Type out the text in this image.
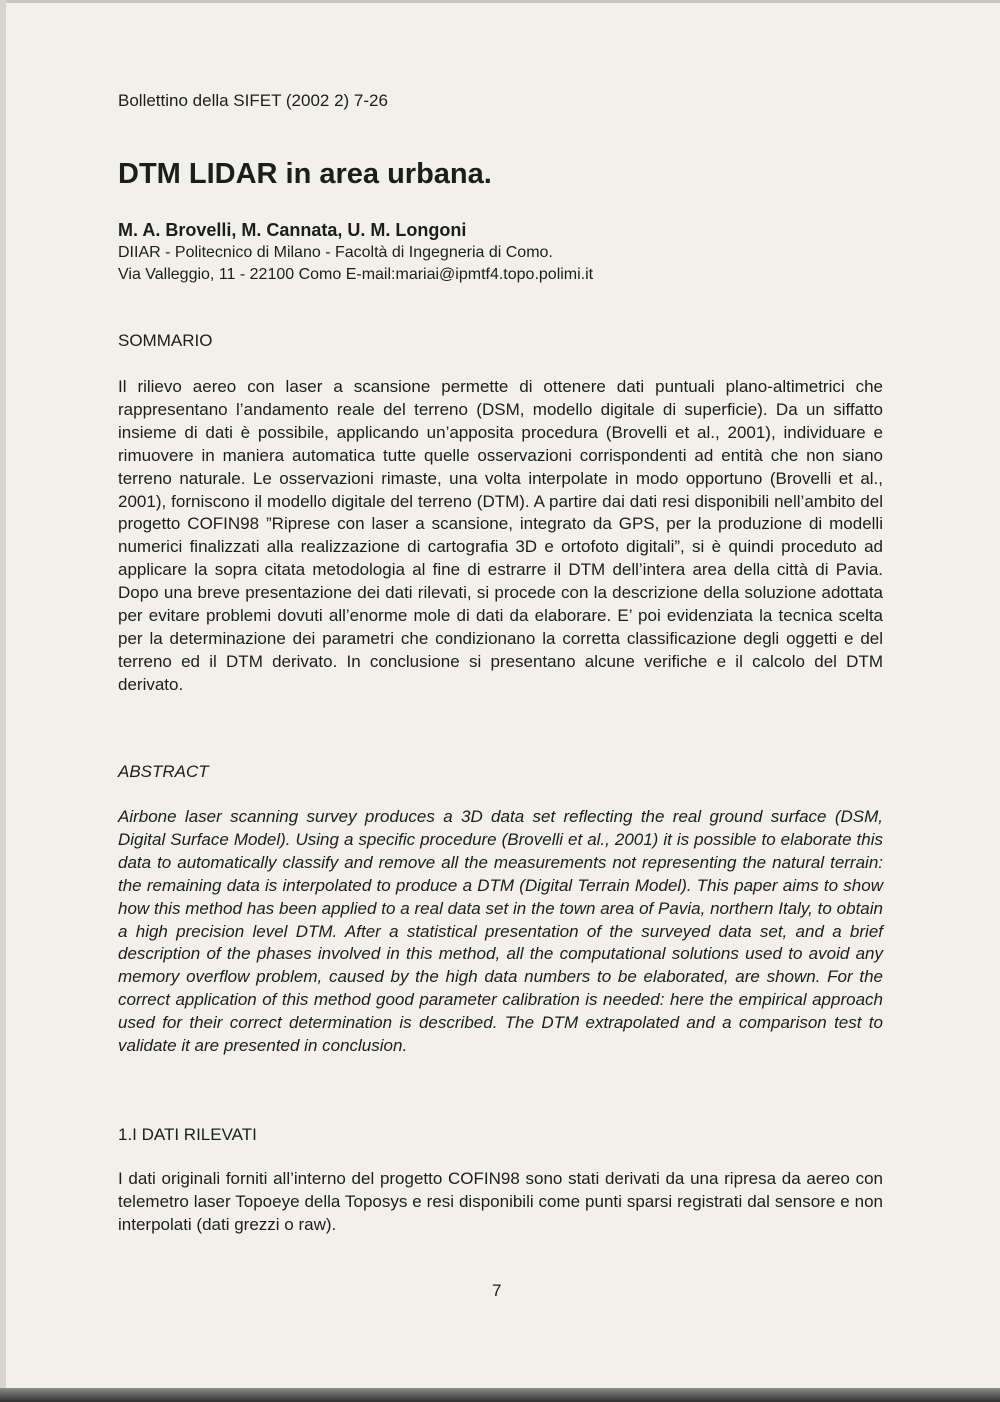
Bollettino della SIFET (2002 2) 7-26
DTM LIDAR in area urbana.
M. A. Brovelli, M. Cannata, U. M. Longoni
DIIAR - Politecnico di Milano - Facoltà di Ingegneria di Como.
Via Valleggio, 11 - 22100 Como E-mail:mariai@ipmtf4.topo.polimi.it
SOMMARIO

Il rilievo aereo con laser a scansione permette di ottenere dati puntuali plano-altimetrici che rappresentano l’andamento reale del terreno (DSM, modello digitale di superficie). Da un siffatto insieme di dati è possibile, applicando un’apposita procedura (Brovelli et al., 2001), individuare e rimuovere in maniera automatica tutte quelle osservazioni corrispondenti ad entità che non siano terreno naturale. Le osservazioni rimaste, una volta interpolate in modo opportuno (Brovelli et al., 2001), forniscono il modello digitale del terreno (DTM). A partire dai dati resi disponibili nell’ambito del progetto COFIN98 ”Riprese con laser a scansione, integrato da GPS, per la produzione di modelli numerici finalizzati alla realizzazione di cartografia 3D e ortofoto digitali”, si è quindi proceduto ad applicare la sopra citata metodologia al fine di estrarre il DTM dell’intera area della città di Pavia. Dopo una breve presentazione dei dati rilevati, si procede con la descrizione della soluzione adottata per evitare problemi dovuti all’enorme mole di dati da elaborare. E’ poi evidenziata la tecnica scelta per la determinazione dei parametri che condizionano la corretta classificazione degli oggetti e del terreno ed il DTM derivato. In conclusione si presentano alcune verifiche e il calcolo del DTM derivato.

ABSTRACT

Airbone laser scanning survey produces a 3D data set reflecting the real ground surface (DSM, Digital Surface Model). Using a specific procedure (Brovelli et al., 2001) it is possible to elaborate this data to automatically classify and remove all the measurements not representing the natural terrain: the remaining data is interpolated to produce a DTM (Digital Terrain Model). This paper aims to show how this method has been applied to a real data set in the town area of Pavia, northern Italy, to obtain a high precision level DTM. After a statistical presentation of the surveyed data set, and a brief description of the phases involved in this method, all the computational solutions used to avoid any memory overflow problem, caused by the high data numbers to be elaborated, are shown. For the correct application of this method good parameter calibration is needed: here the empirical approach used for their correct determination is described. The DTM extrapolated and a comparison test to validate it are presented in conclusion.

1.I DATI RILEVATI

I dati originali forniti all’interno del progetto COFIN98 sono stati derivati da una ripresa da aereo con telemetro laser Topoeye della Toposys e resi disponibili come punti sparsi registrati dal sensore e non interpolati (dati grezzi o raw).

7
